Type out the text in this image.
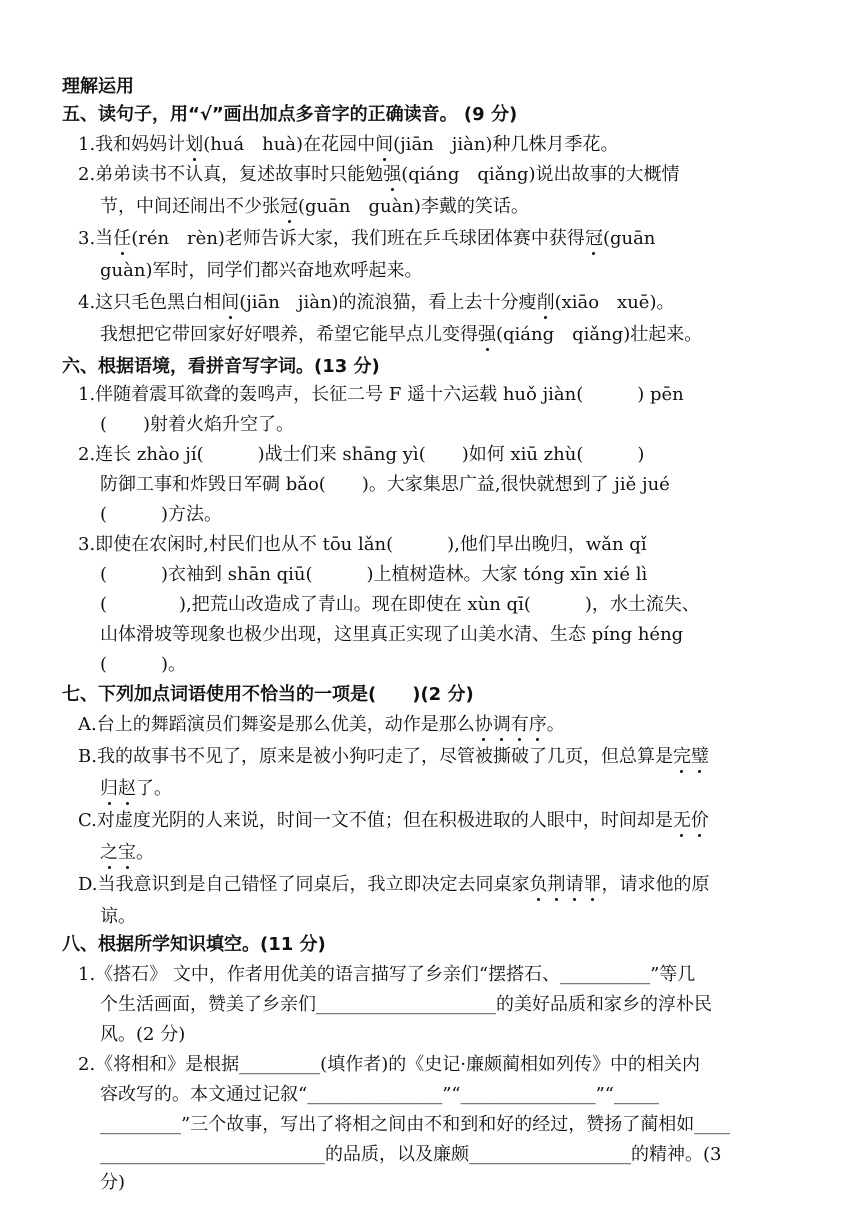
理解运用
五、读句子，用“√”画出加点多音字的正确读音。 (9 分)
1.我和妈妈计划(huá　huà)在花园中间(jiān　jiàn)种几株月季花。
2.弟弟读书不认真，复述故事时只能勉强(qiáng　qiǎng)说出故事的大概情
节，中间还闹出不少张冠(guān　guàn)李戴的笑话。
3.当任(rén　rèn)老师告诉大家，我们班在乒乓球团体赛中获得冠(guān
guàn)军时，同学们都兴奋地欢呼起来。
4.这只毛色黑白相间(jiān　jiàn)的流浪猫，看上去十分瘦削(xiāo　xuē)。
我想把它带回家好好喂养，希望它能早点儿变得强(qiáng　qiǎng)壮起来。
六、根据语境，看拼音写字词。(13 分)
1.伴随着震耳欲聋的轰鸣声，长征二号 F 遥十六运载 huǒ jiàn(　　　) pēn
(　　)射着火焰升空了。
2.连长 zhào jí(　　　)战士们来 shāng yì(　　)如何 xiū zhù(　　　)
防御工事和炸毁日军碉 bǎo(　　)。大家集思广益,很快就想到了 jiě jué
(　　　)方法。
3.即使在农闲时,村民们也从不 tōu lǎn(　　　),他们早出晚归，wǎn qǐ
(　　　)衣袖到 shān qiū(　　　)上植树造林。大家 tóng xīn xié lì
(　　　　),把荒山改造成了青山。现在即使在 xùn qī(　　　)，水土流失、
山体滑坡等现象也极少出现，这里真正实现了山美水清、生态 píng héng
(　　　)。
七、下列加点词语使用不恰当的一项是(　　)(2 分)
A.台上的舞蹈演员们舞姿是那么优美，动作是那么协调有序。
B.我的故事书不见了，原来是被小狗叼走了，尽管被撕破了几页，但总算是完璧
归赵了。
C.对虚度光阴的人来说，时间一文不值；但在积极进取的人眼中，时间却是无价
之宝。
D.当我意识到是自己错怪了同桌后，我立即决定去同桌家负荆请罪，请求他的原
谅。
八、根据所学知识填空。(11 分)
1.《搭石》 文中，作者用优美的语言描写了乡亲们“摆搭石、__________”等几
个生活画面，赞美了乡亲们____________________的美好品质和家乡的淳朴民
风。(2 分)
2.《将相和》是根据_________(填作者)的《史记·廉颇蔺相如列传》中的相关内
容改写的。本文通过记叙“_______________”“_______________”“_____
_________”三个故事，写出了将相之间由不和到和好的经过，赞扬了蔺相如____
_________________________的品质，以及廉颇__________________的精神。(3
分)
